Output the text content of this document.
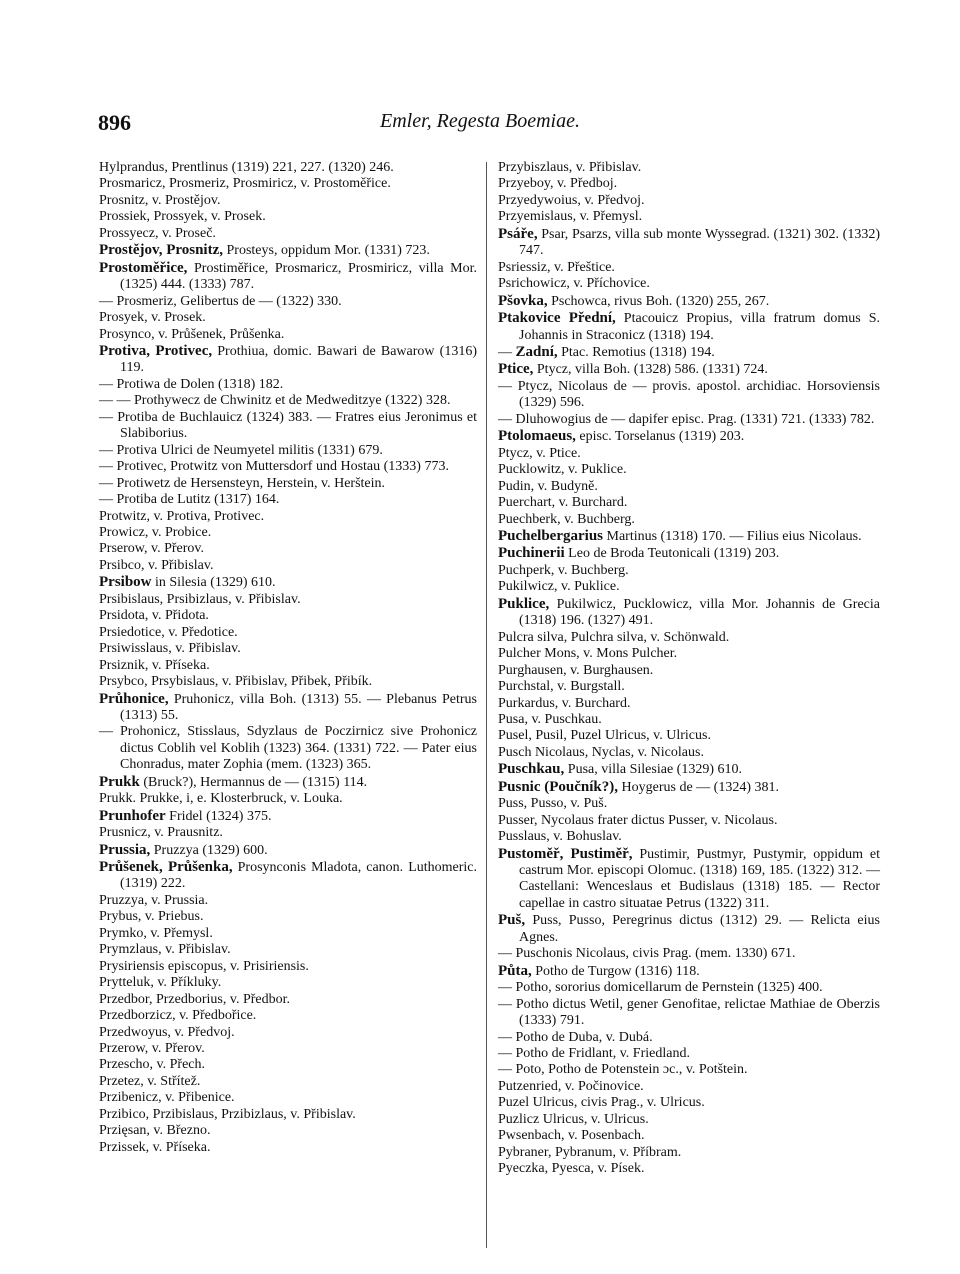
896	Emler, Regesta Boemiae.

Hylprandus, Prentlinus (1319) 221, 227. (1320) 246.

Prosmaricz, Prosmeriz, Prosmiricz, v. Prostoměřice.

Prosnitz, v. Prostějov.

Prossiek, Prossyek, v. Prosek.

Prossyecz, v. Proseč.

Prostějov, Prosnitz, Prosteys, oppidum Mor. (1331) 723.

Prostoměřice, Prostiměřice, Prosmaricz, Prosmiricz, villa Mor. (1325) 444. (1333) 787.

— Prosmeriz, Gelibertus de — (1322) 330.

Prosyek, v. Prosek.

Prosynco, v. Průšenek, Průšenka.

Protiva, Protivec, Prothiua, domic. Bawari de Bawarow (1316) 119.

— Protiwa de Dolen (1318) 182.

— — Prothywecz de Chwinitz et de Medweditzye (1322) 328.

— Protiba de Buchlauicz (1324) 383. — Fratres eius Jeronimus et Slabiborius.

— Protiva Ulrici de Neumyetel militis (1331) 679.

— Protivec, Protwitz von Muttersdorf und Hostau (1333) 773.

— Protiwetz de Hersensteyn, Herstein, v. Herštein.

— Protiba de Lutitz (1317) 164.

Protwitz, v. Protiva, Protivec.

Prowicz, v. Probice.

Prserow, v. Přerov.

Prsibco, v. Přibislav.

Prsibow in Silesia (1329) 610.

Prsibislaus, Prsibizlaus, v. Přibislav.

Prsidota, v. Přidota.

Prsiedotice, v. Předotice.

Prsiwisslaus, v. Přibislav.

Prsiznik, v. Příseka.

Prsybco, Prsybislaus, v. Přibislav, Přibek, Přibík.

Průhonice, Pruhonicz, villa Boh. (1313) 55. — Plebanus Petrus (1313) 55.

— Prohonicz, Stisslaus, Sdyzlaus de Poczirnicz sive Prohonicz dictus Coblih vel Koblih (1323) 364. (1331) 722. — Pater eius Chonradus, mater Zophia (mem. (1323) 365.

Prukk (Bruck?), Hermannus de — (1315) 114.

Prukk. Prukke, i, e. Klosterbruck, v. Louka.

Prunhofer Fridel (1324) 375.

Prusnicz, v. Prausnitz.

Prussia, Pruzzya (1329) 600.

Průšenek, Průšenka, Prosynconis Mladota, canon. Luthomeric. (1319) 222.

Pruzzya, v. Prussia.

Prybus, v. Priebus.

Prymko, v. Přemysl.

Prymzlaus, v. Přibislav.

Prysiriensis episcopus, v. Prisiriensis.

Prytteluk, v. Příkluky.

Przedbor, Przedborius, v. Předbor.

Przedborzicz, v. Předbořice.

Przedwoyus, v. Předvoj.

Przerow, v. Přerov.

Przescho, v. Přech.

Przetez, v. Střítež.

Przibenicz, v. Přibenice.

Przibico, Przibislaus, Przibizlaus, v. Přibislav.

Przięsan, v. Březno.

Przissek, v. Příseka.

Przybiszlaus, v. Přibislav.

Przyeboy, v. Předboj.

Przyedywoius, v. Předvoj.

Przyemislaus, v. Přemysl.

Psáře, Psar, Psarzs, villa sub monte Wyssegrad. (1321) 302. (1332) 747.

Psriessiz, v. Přeštice.

Psrichowicz, v. Příchovice.

Pšovka, Pschowca, rivus Boh. (1320) 255, 267.

Ptakovice Přední, Ptacouicz Propius, villa fratrum domus S. Johannis in Straconicz (1318) 194.

— Zadní, Ptac. Remotius (1318) 194.

Ptice, Ptycz, villa Boh. (1328) 586. (1331) 724.

— Ptycz, Nicolaus de — provis. apostol. archidiac. Horsoviensis (1329) 596.

— Dluhowogius de — dapifer episc. Prag. (1331) 721. (1333) 782.

Ptolomaeus, episc. Torselanus (1319) 203.

Ptycz, v. Ptice.

Pucklowitz, v. Puklice.

Pudin, v. Budyně.

Puerchart, v. Burchard.

Puechberk, v. Buchberg.

Puchelbergarius Martinus (1318) 170. — Filius eius Nicolaus.

Puchinerii Leo de Broda Teutonicali (1319) 203.

Puchperk, v. Buchberg.

Pukilwicz, v. Puklice.

Puklice, Pukilwicz, Pucklowicz, villa Mor. Johannis de Grecia (1318) 196. (1327) 491.

Pulcra silva, Pulchra silva, v. Schönwald.

Pulcher Mons, v. Mons Pulcher.

Purghausen, v. Burghausen.

Purchstal, v. Burgstall.

Purkardus, v. Burchard.

Pusa, v. Puschkau.

Pusel, Pusil, Puzel Ulricus, v. Ulricus.

Pusch Nicolaus, Nyclas, v. Nicolaus.

Puschkau, Pusa, villa Silesiae (1329) 610.

Pusnic (Poučník?), Hoygerus de — (1324) 381.

Puss, Pusso, v. Puš.

Pusser, Nycolaus frater dictus Pusser, v. Nicolaus.

Pusslaus, v. Bohuslav.

Pustoměř, Pustiměř, Pustimir, Pustmyr, Pustymir, oppidum et castrum Mor. episcopi Olomuc. (1318) 169, 185. (1322) 312. — Castellani: Wenceslaus et Budislaus (1318) 185. — Rector capellae in castro situatae Petrus (1322) 311.

Puš, Puss, Pusso, Peregrinus dictus (1312) 29. — Relicta eius Agnes.

— Puschonis Nicolaus, civis Prag. (mem. 1330) 671.

Půta, Potho de Turgow (1316) 118.

— Potho, sororius domicellarum de Pernstein (1325) 400.

— Potho dictus Wetil, gener Genofitae, relictae Mathiae de Oberzis (1333) 791.

— Potho de Duba, v. Dubá.

— Potho de Fridlant, v. Friedland.

— Poto, Potho de Potenstein ɔc., v. Potštein.

Putzenried, v. Počinovice.

Puzel Ulricus, civis Prag., v. Ulricus.

Puzlicz Ulricus, v. Ulricus.

Pwsenbach, v. Posenbach.

Pybraner, Pybranum, v. Příbram.

Pyeczka, Pyesca, v. Písek.
